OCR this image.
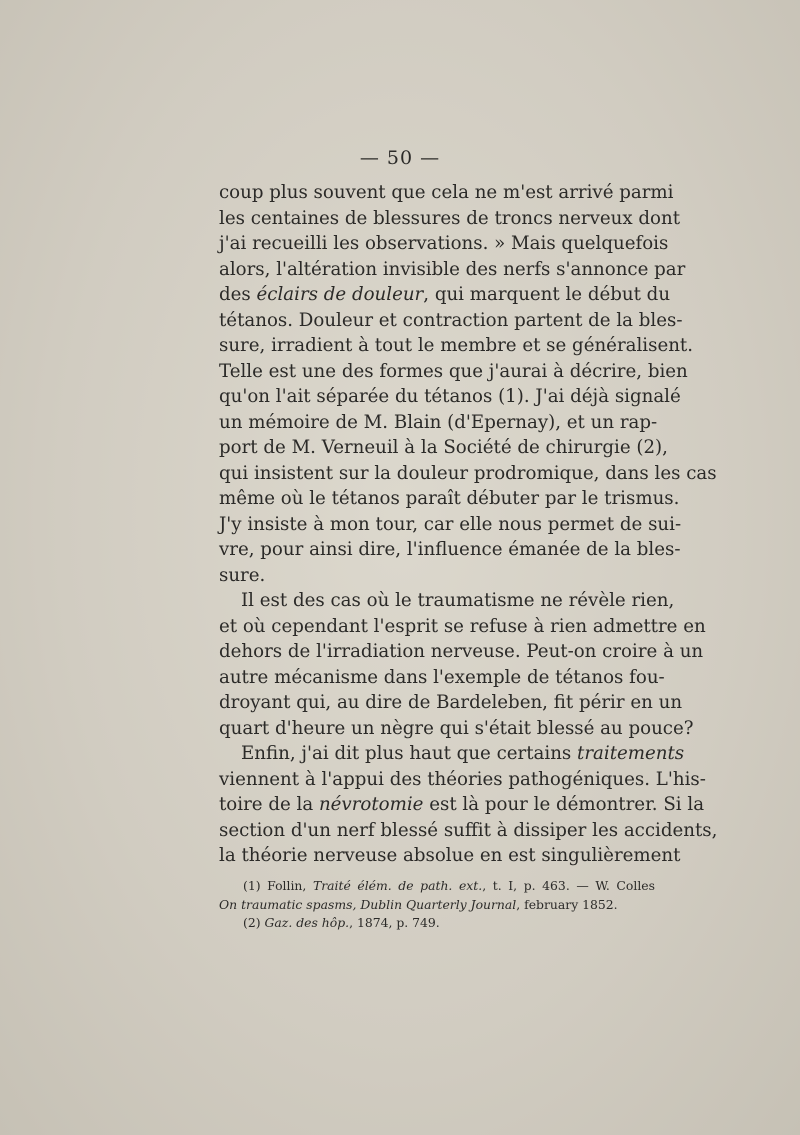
— 50 —
coup plus souvent que cela ne m'est arrivé parmi
les centaines de blessures de troncs nerveux dont
j'ai recueilli les observations. » Mais quelquefois
alors, l'altération invisible des nerfs s'annonce par
des éclairs de douleur, qui marquent le début du
tétanos. Douleur et contraction partent de la bles-
sure, irradient à tout le membre et se généralisent.
Telle est une des formes que j'aurai à décrire, bien
qu'on l'ait séparée du tétanos (1). J'ai déjà signalé
un mémoire de M. Blain (d'Epernay), et un rap-
port de M. Verneuil à la Société de chirurgie (2),
qui insistent sur la douleur prodromique, dans les cas
même où le tétanos paraît débuter par le trismus.
J'y insiste à mon tour, car elle nous permet de sui-
vre, pour ainsi dire, l'influence émanée de la bles-
sure.
Il est des cas où le traumatisme ne révèle rien,
et où cependant l'esprit se refuse à rien admettre en
dehors de l'irradiation nerveuse. Peut-on croire à un
autre mécanisme dans l'exemple de tétanos fou-
droyant qui, au dire de Bardeleben, fit périr en un
quart d'heure un nègre qui s'était blessé au pouce?
Enfin, j'ai dit plus haut que certains traitements
viennent à l'appui des théories pathogéniques. L'his-
toire de la névrotomie est là pour le démontrer. Si la
section d'un nerf blessé suffit à dissiper les accidents,
la théorie nerveuse absolue en est singulièrement
(1) Follin, Traité élém. de path. ext., t. I, p. 463. — W. Colles
On traumatic spasms, Dublin Quarterly Journal, february 1852.
(2) Gaz. des hôp., 1874, p. 749.
